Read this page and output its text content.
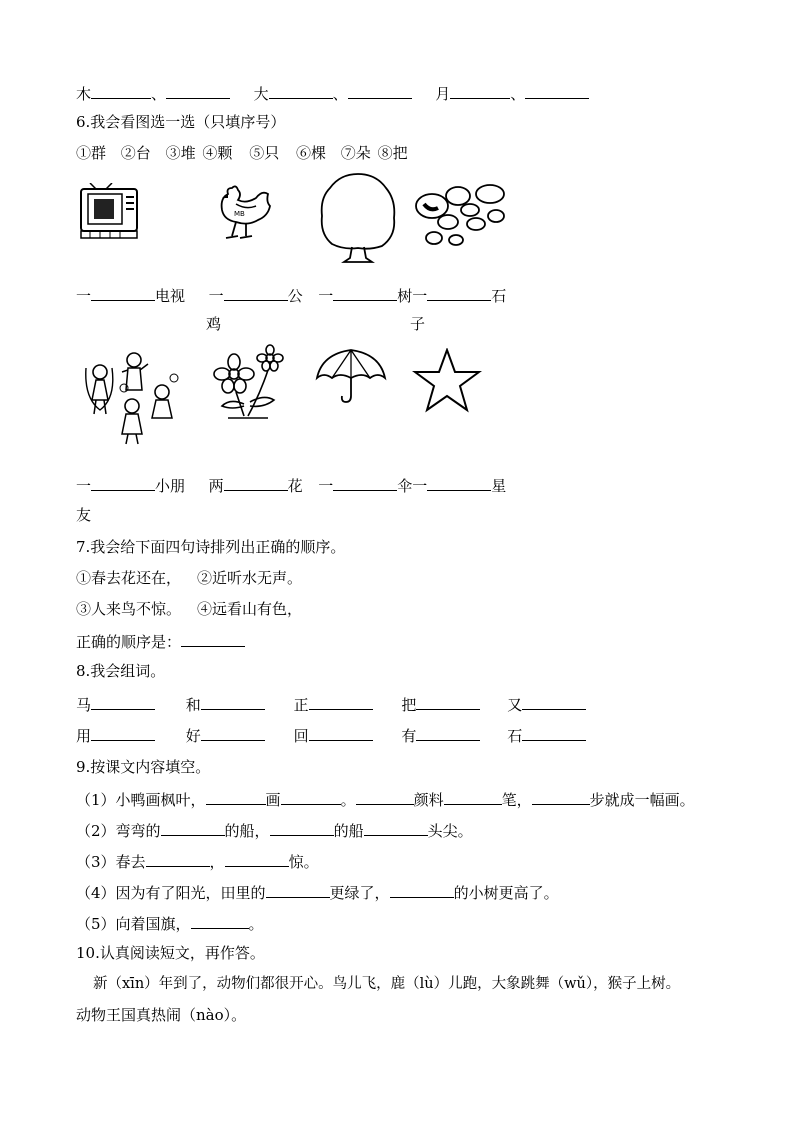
木	、	大	、	月	、
6.我会看图选一选（只填序号）
①群 ②台 ③堆 ④颗 ⑤只 ⑥棵 ⑦朵 ⑧把
MB
一	电视 一	公 一	树一	石
鸡	子
一	小朋 两	花 一	伞一	星
友
7.我会给下面四句诗排列出正确的顺序。
①春去花还在， ②近听水无声。
③人来鸟不惊。 ④远看山有色，
正确的顺序是：
8.我会组词。
马	和	正	把	又
用	好	回	有	石
9.按课文内容填空。
（1）小鸭画枫叶，	画	。	颜料	笔，	步就成一幅画。
（2）弯弯的	的船，	的船	头尖。
（3）春去	，	惊。
（4）因为有了阳光，田里的	更绿了，	的小树更高了。
（5）向着国旗，	。
10.认真阅读短文，再作答。
新（xīn）年到了，动物们都很开心。鸟儿飞，鹿（lù）儿跑，大象跳舞（wǔ），猴子上树。
动物王国真热闹（nào）。
